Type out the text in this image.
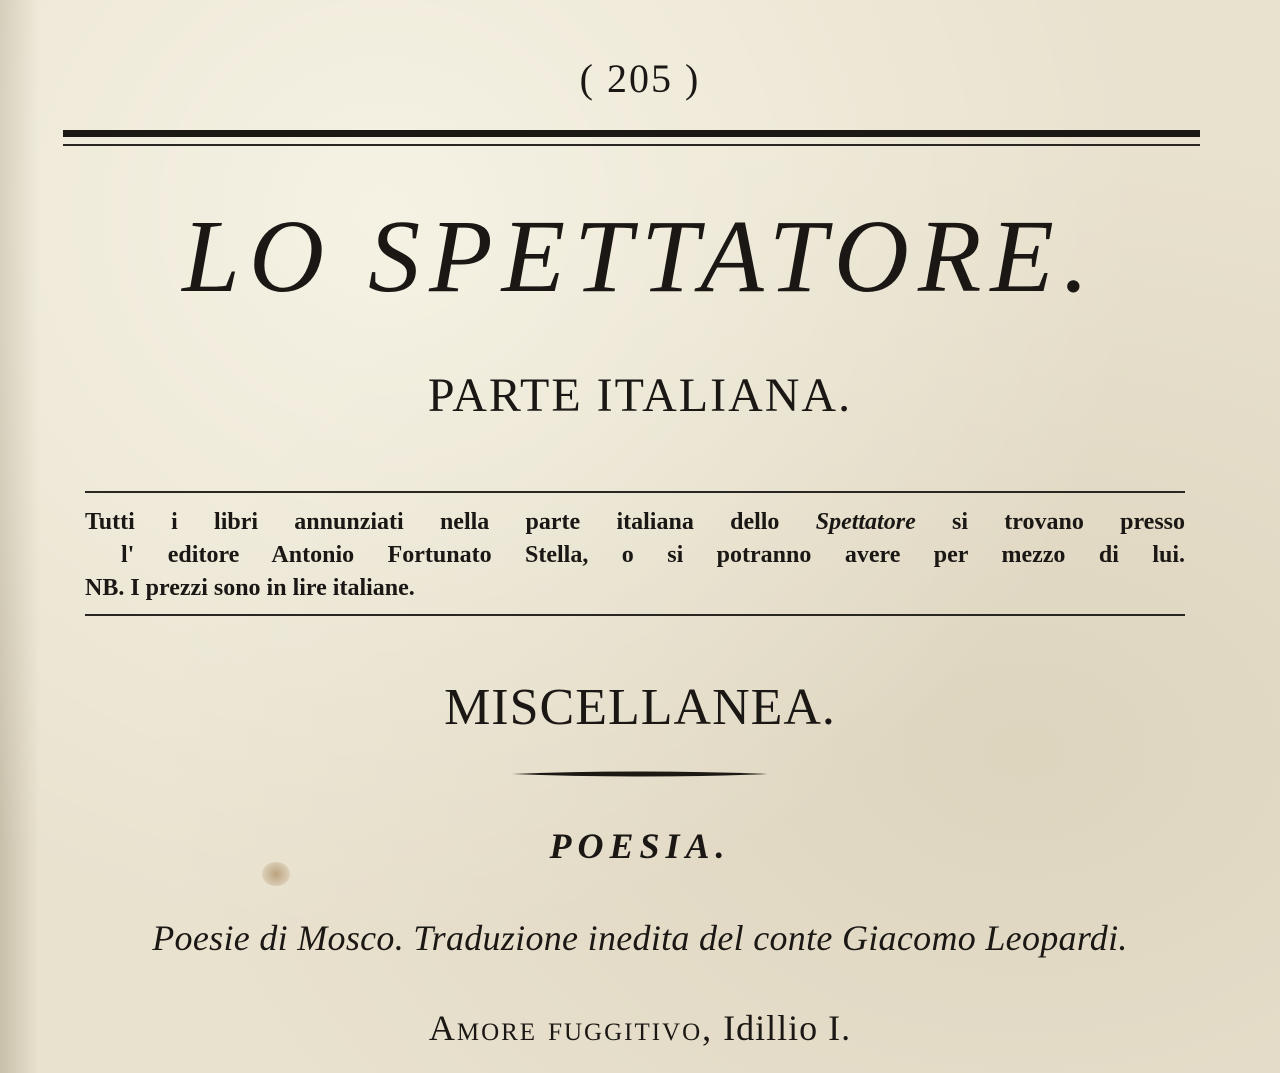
( 205 )
LO SPETTATORE.
PARTE ITALIANA.
Tutti i libri annunziati nella parte italiana dello Spettatore si trovano presso
l' editore Antonio Fortunato Stella, o si potranno avere per mezzo di lui.
NB. I prezzi sono in lire italiane.
MISCELLANEA.
POESIA.
Poesie di Mosco. Traduzione inedita del conte Giacomo Leopardi.
Amore fuggitivo, Idillio I.
